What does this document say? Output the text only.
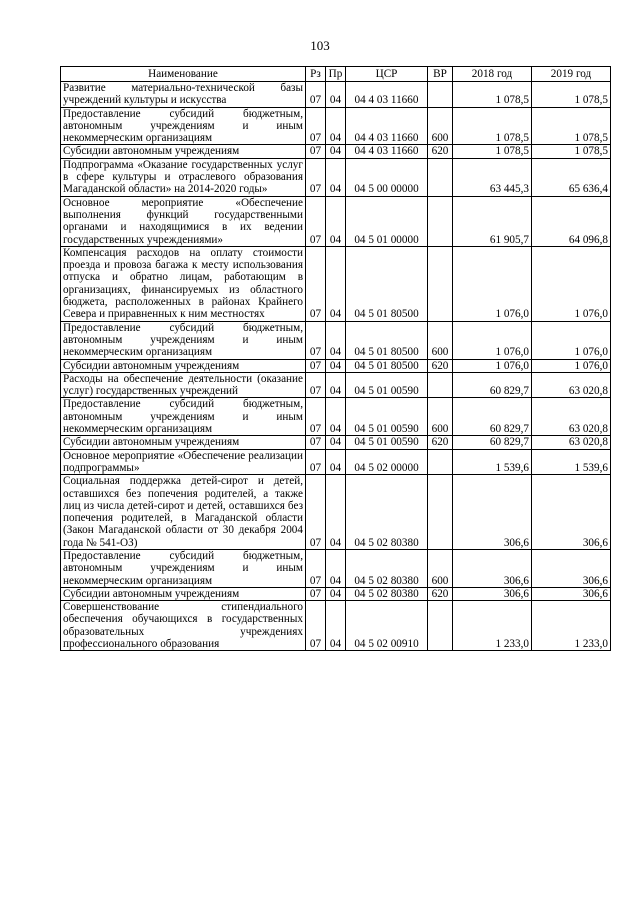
103
Наименование	Рз	Пр	ЦСР	ВР	2018 год	2019 год
Развитие материально-технической базы учреждений культуры и искусства	07	04	04 4 03 11660		1 078,5	1 078,5
Предоставление субсидий бюджетным, автономным учреждениям и иным некоммерческим организациям	07	04	04 4 03 11660	600	1 078,5	1 078,5
Субсидии автономным учреждениям	07	04	04 4 03 11660	620	1 078,5	1 078,5
Подпрограмма «Оказание государственных услуг в сфере культуры и отраслевого образования Магаданской области» на 2014-2020 годы»	07	04	04 5 00 00000		63 445,3	65 636,4
Основное мероприятие «Обеспечение выполнения функций государственными органами и находящимися в их ведении государственных учреждениями»	07	04	04 5 01 00000		61 905,7	64 096,8
Компенсация расходов на оплату стоимости проезда и провоза багажа к месту использования отпуска и обратно лицам, работающим в организациях, финансируемых из областного бюджета, расположенных в районах Крайнего Севера и приравненных к ним местностях	07	04	04 5 01 80500		1 076,0	1 076,0
Предоставление субсидий бюджетным, автономным учреждениям и иным некоммерческим организациям	07	04	04 5 01 80500	600	1 076,0	1 076,0
Субсидии автономным учреждениям	07	04	04 5 01 80500	620	1 076,0	1 076,0
Расходы на обеспечение деятельности (оказание услуг) государственных учреждений	07	04	04 5 01 00590		60 829,7	63 020,8
Предоставление субсидий бюджетным, автономным учреждениям и иным некоммерческим организациям	07	04	04 5 01 00590	600	60 829,7	63 020,8
Субсидии автономным учреждениям	07	04	04 5 01 00590	620	60 829,7	63 020,8
Основное мероприятие «Обеспечение реализации подпрограммы»	07	04	04 5 02 00000		1 539,6	1 539,6
Социальная поддержка детей-сирот и детей, оставшихся без попечения родителей, а также лиц из числа детей-сирот и детей, оставшихся без попечения родителей, в Магаданской области (Закон Магаданской области от 30 декабря 2004 года № 541-ОЗ)	07	04	04 5 02 80380		306,6	306,6
Предоставление субсидий бюджетным, автономным учреждениям и иным некоммерческим организациям	07	04	04 5 02 80380	600	306,6	306,6
Субсидии автономным учреждениям	07	04	04 5 02 80380	620	306,6	306,6
Совершенствование стипендиального обеспечения обучающихся в государственных образовательных учреждениях профессионального образования	07	04	04 5 02 00910		1 233,0	1 233,0
